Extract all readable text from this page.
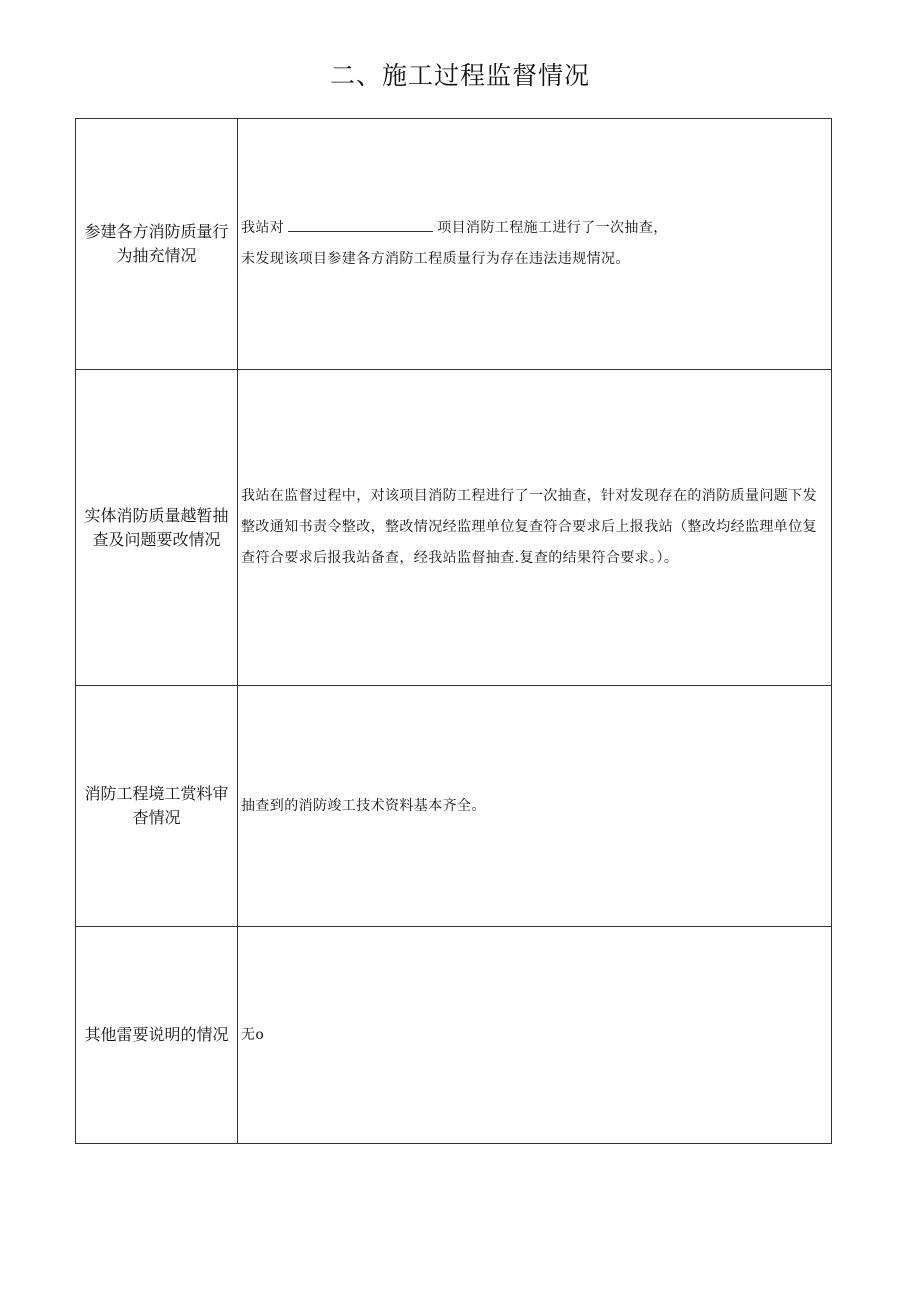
二、施工过程监督情况
参建各方消防质量行为抽充情况	我站对 项目消防工程施工进行了一次抽查，
未发现该项目参建各方消防工程质量行为存在违法违规情况。

实体消防质量越暂抽查及问题要改情况	我站在监督过程中，对该项目消防工程进行了一次抽查，针对发现存在的消防质量问题下发整改通知书责令整改，整改情况经监理单位复查符合要求后上报我站（整改均经监理单位复查符合要求后报我站备查，经我站监督抽查.复查的结果符合要求。）。

消防工程境工赏料审杳情况	抽查到的消防竣工技术资料基本齐全。

其他雷要说明的情况	无o
